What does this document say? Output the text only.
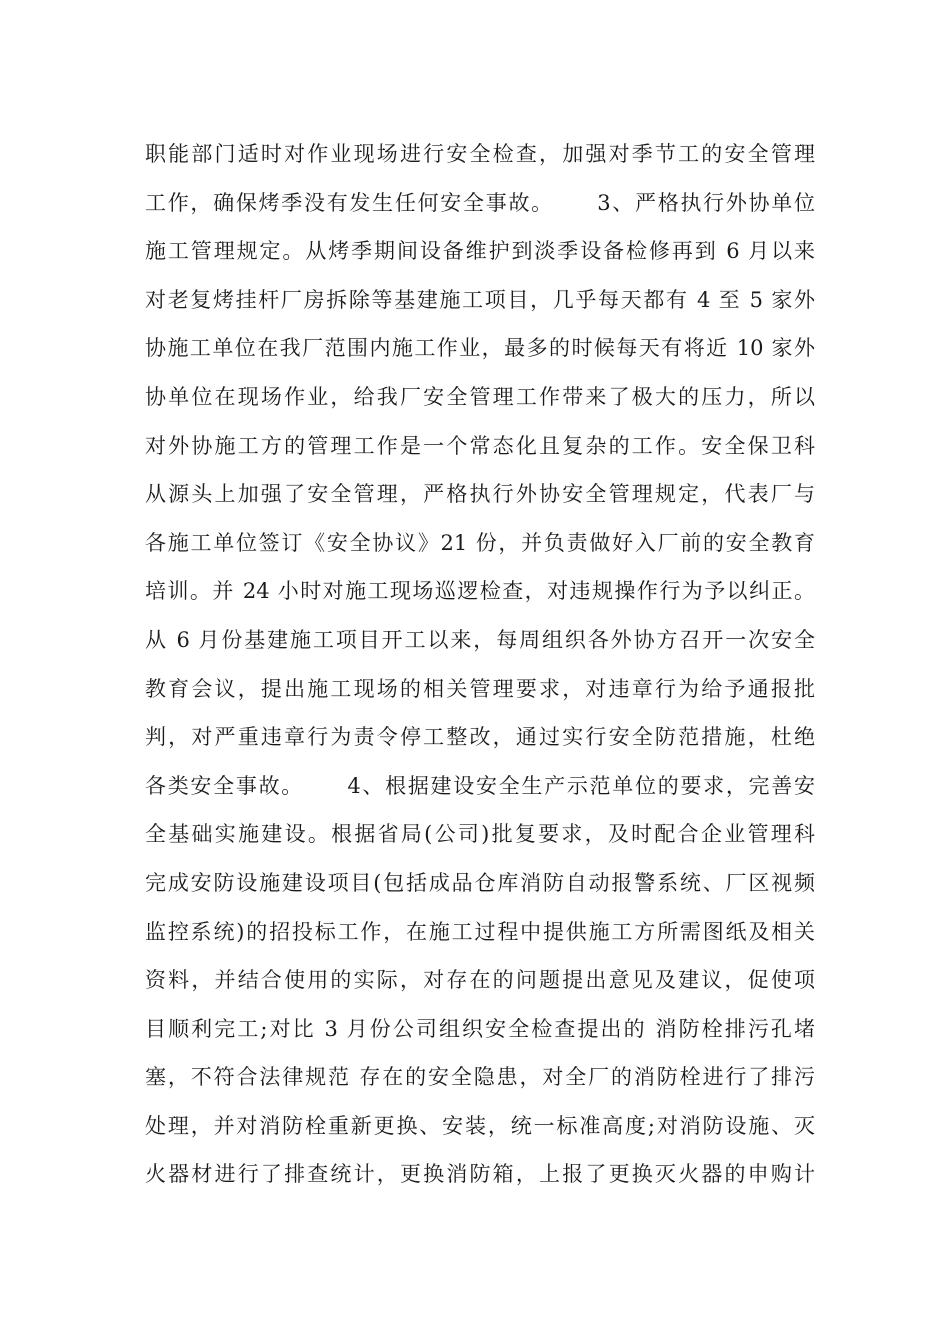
职能部门适时对作业现场进行安全检查，加强对季节工的安全管理
工作，确保烤季没有发生任何安全事故。　　 3、严格执行外协单位
施工管理规定。从烤季期间设备维护到淡季设备检修再到 6 月以来
对老复烤挂杆厂房拆除等基建施工项目，几乎每天都有 4 至 5 家外
协施工单位在我厂范围内施工作业，最多的时候每天有将近 10 家外
协单位在现场作业，给我厂安全管理工作带来了极大的压力，所以
对外协施工方的管理工作是一个常态化且复杂的工作。安全保卫科
从源头上加强了安全管理，严格执行外协安全管理规定，代表厂与
各施工单位签订《安全协议》21 份，并负责做好入厂前的安全教育
培训。并 24 小时对施工现场巡逻检查，对违规操作行为予以纠正。
从 6 月份基建施工项目开工以来，每周组织各外协方召开一次安全
教育会议，提出施工现场的相关管理要求，对违章行为给予通报批
判，对严重违章行为责令停工整改，通过实行安全防范措施，杜绝
各类安全事故。　　 4、根据建设安全生产示范单位的要求，完善安
全基础实施建设。根据省局(公司)批复要求，及时配合企业管理科
完成安防设施建设项目(包括成品仓库消防自动报警系统、厂区视频
监控系统)的招投标工作，在施工过程中提供施工方所需图纸及相关
资料，并结合使用的实际，对存在的问题提出意见及建议，促使项
目顺利完工;对比 3 月份公司组织安全检查提出的 消防栓排污孔堵
塞，不符合法律规范 存在的安全隐患，对全厂的消防栓进行了排污
处理，并对消防栓重新更换、安装，统一标准高度;对消防设施、灭
火器材进行了排查统计，更换消防箱，上报了更换灭火器的申购计
